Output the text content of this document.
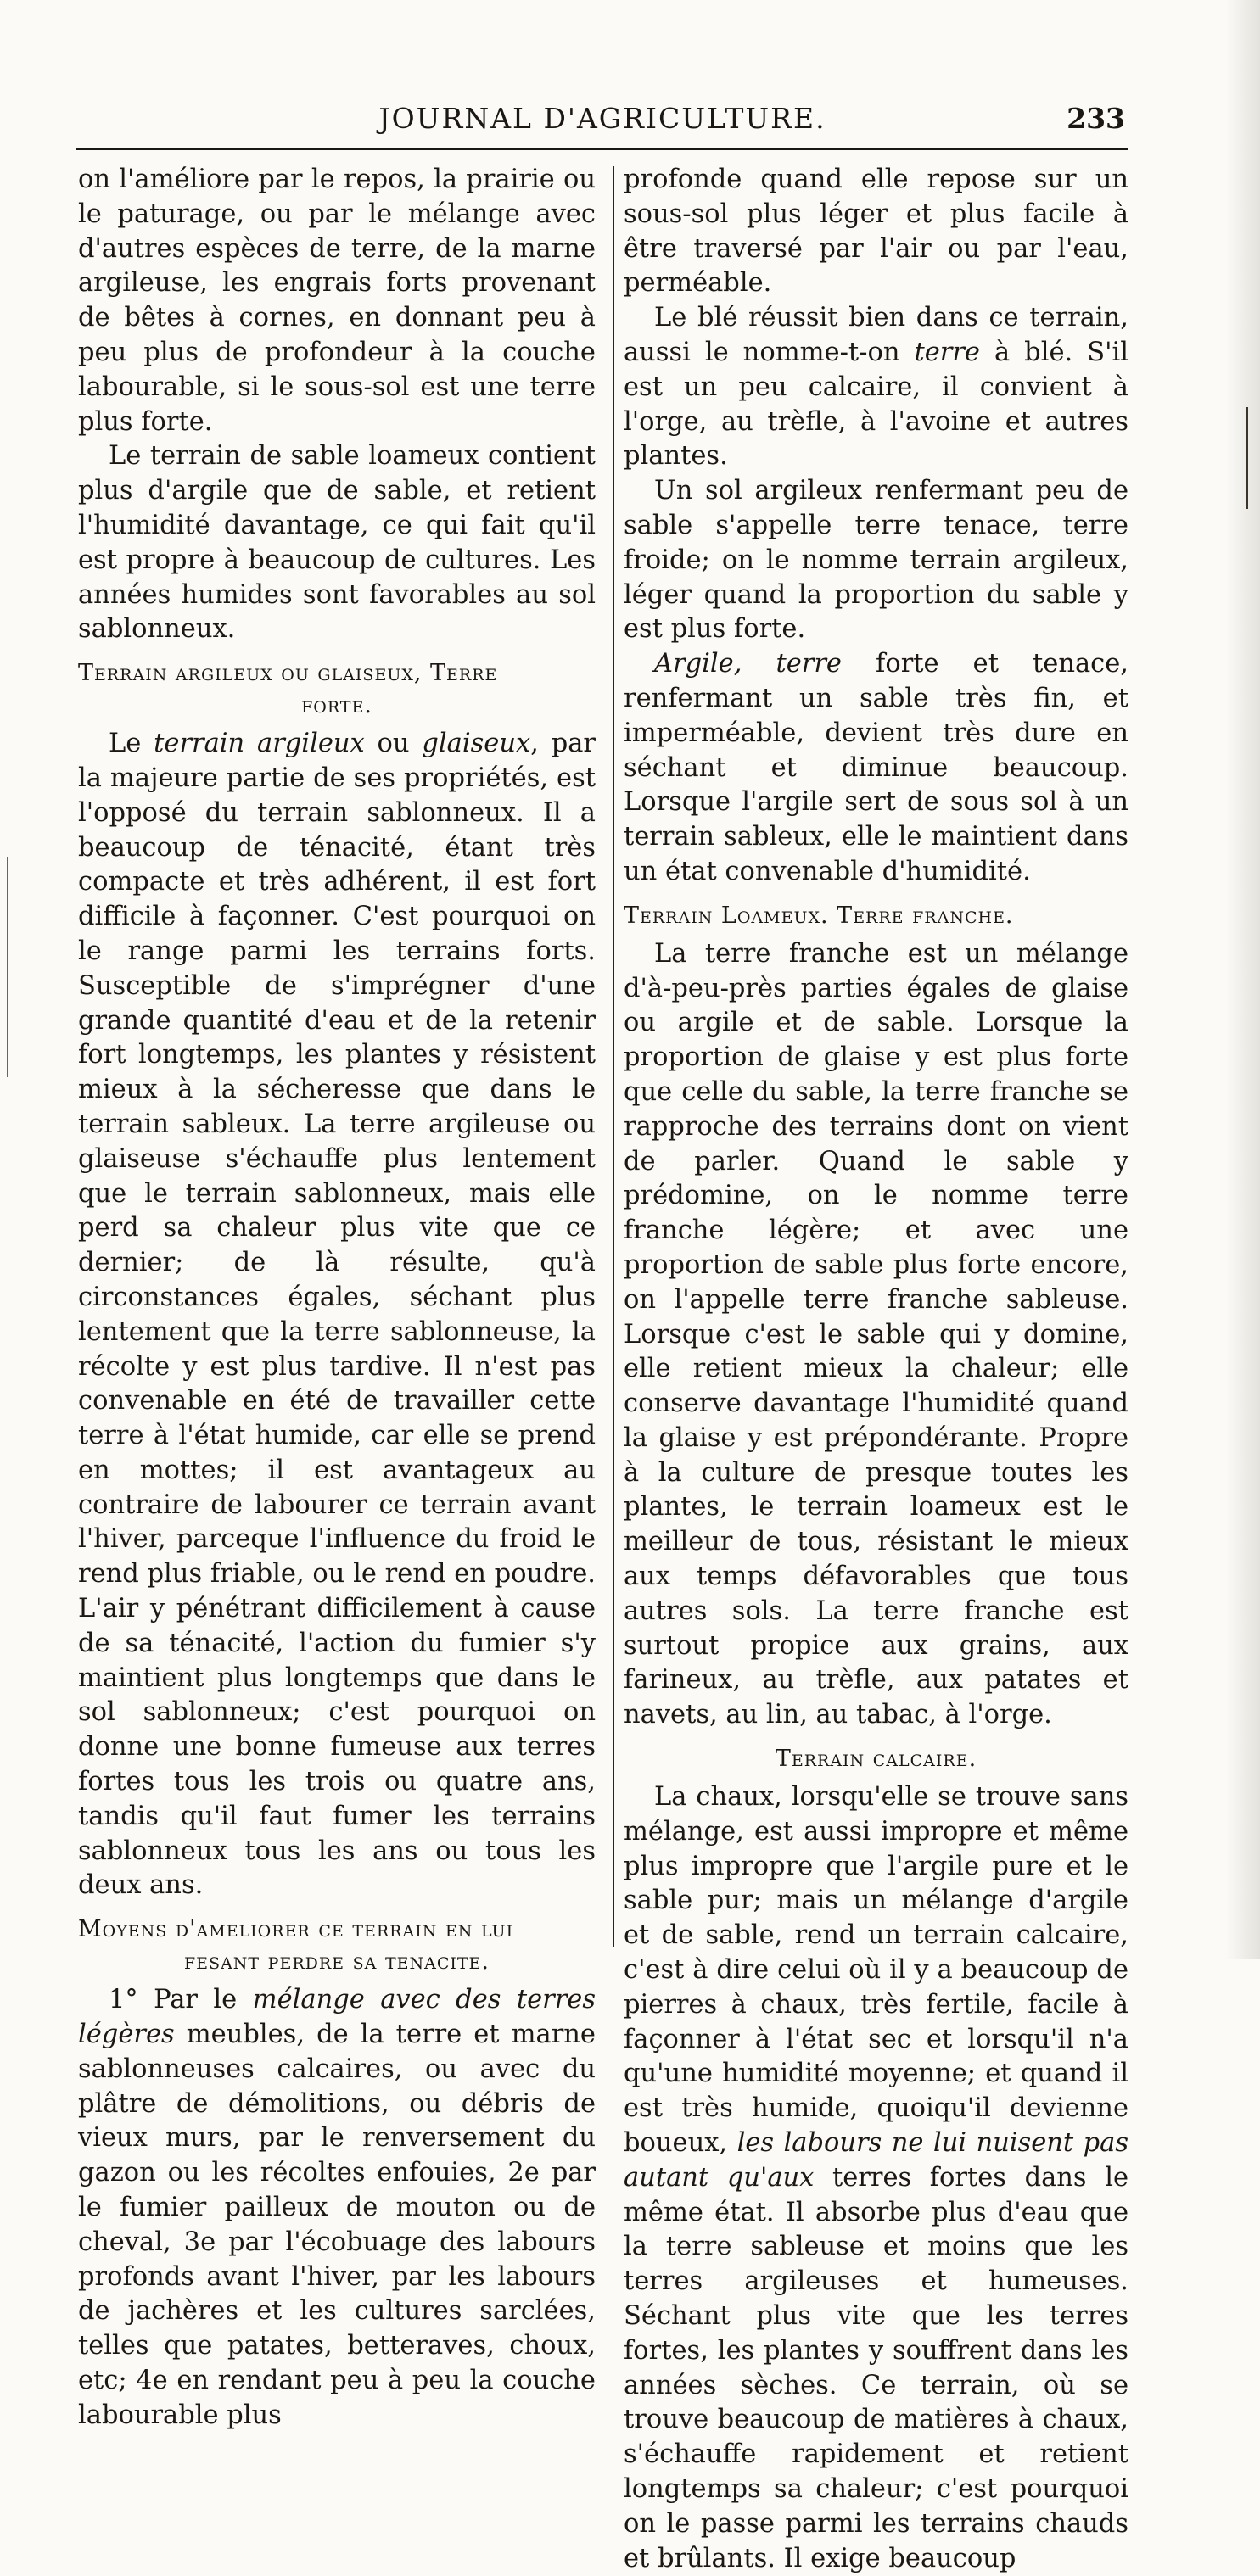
JOURNAL D'AGRICULTURE.	233

on l'améliore par le repos, la prairie ou le paturage, ou par le mélange avec d'autres espèces de terre, de la marne argileuse, les engrais forts provenant de bêtes à cornes, en donnant peu à peu plus de profondeur à la couche labourable, si le sous-sol est une terre plus forte.

Le terrain de sable loameux contient plus d'argile que de sable, et retient l'humidité davantage, ce qui fait qu'il est propre à beaucoup de cultures. Les années humides sont favorables au sol sablonneux.

Terrain argileux ou glaiseux, Terre
forte.

Le terrain argileux ou glaiseux, par la majeure partie de ses propriétés, est l'opposé du terrain sablonneux. Il a beaucoup de ténacité, étant très compacte et très adhérent, il est fort difficile à façonner. C'est pourquoi on le range parmi les terrains forts. Susceptible de s'imprégner d'une grande quantité d'eau et de la retenir fort longtemps, les plantes y résistent mieux à la sécheresse que dans le terrain sableux. La terre argileuse ou glaiseuse s'échauffe plus lentement que le terrain sablonneux, mais elle perd sa chaleur plus vite que ce dernier; de là résulte, qu'à circonstances égales, séchant plus lentement que la terre sablonneuse, la récolte y est plus tardive. Il n'est pas convenable en été de travailler cette terre à l'état humide, car elle se prend en mottes; il est avantageux au contraire de labourer ce terrain avant l'hiver, parceque l'influence du froid le rend plus friable, ou le rend en poudre. L'air y pénétrant difficilement à cause de sa ténacité, l'action du fumier s'y maintient plus longtemps que dans le sol sablonneux; c'est pourquoi on donne une bonne fumeuse aux terres fortes tous les trois ou quatre ans, tandis qu'il faut fumer les terrains sablonneux tous les ans ou tous les deux ans.

Moyens d'ameliorer ce terrain en lui
fesant perdre sa tenacite.

1° Par le mélange avec des terres légères meubles, de la terre et marne sablonneuses calcaires, ou avec du plâtre de démolitions, ou débris de vieux murs, par le renversement du gazon ou les récoltes enfouies, 2e par le fumier pailleux de mouton ou de cheval, 3e par l'écobuage des labours profonds avant l'hiver, par les labours de jachères et les cultures sarclées, telles que patates, betteraves, choux, etc; 4e en rendant peu à peu la couche labourable plus

profonde quand elle repose sur un sous-sol plus léger et plus facile à être traversé par l'air ou par l'eau, perméable.

Le blé réussit bien dans ce terrain, aussi le nomme-t-on terre à blé. S'il est un peu calcaire, il convient à l'orge, au trèfle, à l'avoine et autres plantes.

Un sol argileux renfermant peu de sable s'appelle terre tenace, terre froide; on le nomme terrain argileux, léger quand la proportion du sable y est plus forte.

Argile, terre forte et tenace, renfermant un sable très fin, et imperméable, devient très dure en séchant et diminue beaucoup. Lorsque l'argile sert de sous sol à un terrain sableux, elle le maintient dans un état convenable d'humidité.

Terrain Loameux. Terre franche.

La terre franche est un mélange d'à-peu-près parties égales de glaise ou argile et de sable. Lorsque la proportion de glaise y est plus forte que celle du sable, la terre franche se rapproche des terrains dont on vient de parler. Quand le sable y prédomine, on le nomme terre franche légère; et avec une proportion de sable plus forte encore, on l'appelle terre franche sableuse. Lorsque c'est le sable qui y domine, elle retient mieux la chaleur; elle conserve davantage l'humidité quand la glaise y est prépondérante. Propre à la culture de presque toutes les plantes, le terrain loameux est le meilleur de tous, résistant le mieux aux temps défavorables que tous autres sols. La terre franche est surtout propice aux grains, aux farineux, au trèfle, aux patates et navets, au lin, au tabac, à l'orge.

Terrain calcaire.

La chaux, lorsqu'elle se trouve sans mélange, est aussi impropre et même plus impropre que l'argile pure et le sable pur; mais un mélange d'argile et de sable, rend un terrain calcaire, c'est à dire celui où il y a beaucoup de pierres à chaux, très fertile, facile à façonner à l'état sec et lorsqu'il n'a qu'une humidité moyenne; et quand il est très humide, quoiqu'il devienne boueux, les labours ne lui nuisent pas autant qu'aux terres fortes dans le même état. Il absorbe plus d'eau que la terre sableuse et moins que les terres argileuses et humeuses. Séchant plus vite que les terres fortes, les plantes y souffrent dans les années sèches. Ce terrain, où se trouve beaucoup de matières à chaux, s'échauffe rapidement et retient longtemps sa chaleur; c'est pourquoi on le passe parmi les terrains chauds et brûlants. Il exige beaucoup
